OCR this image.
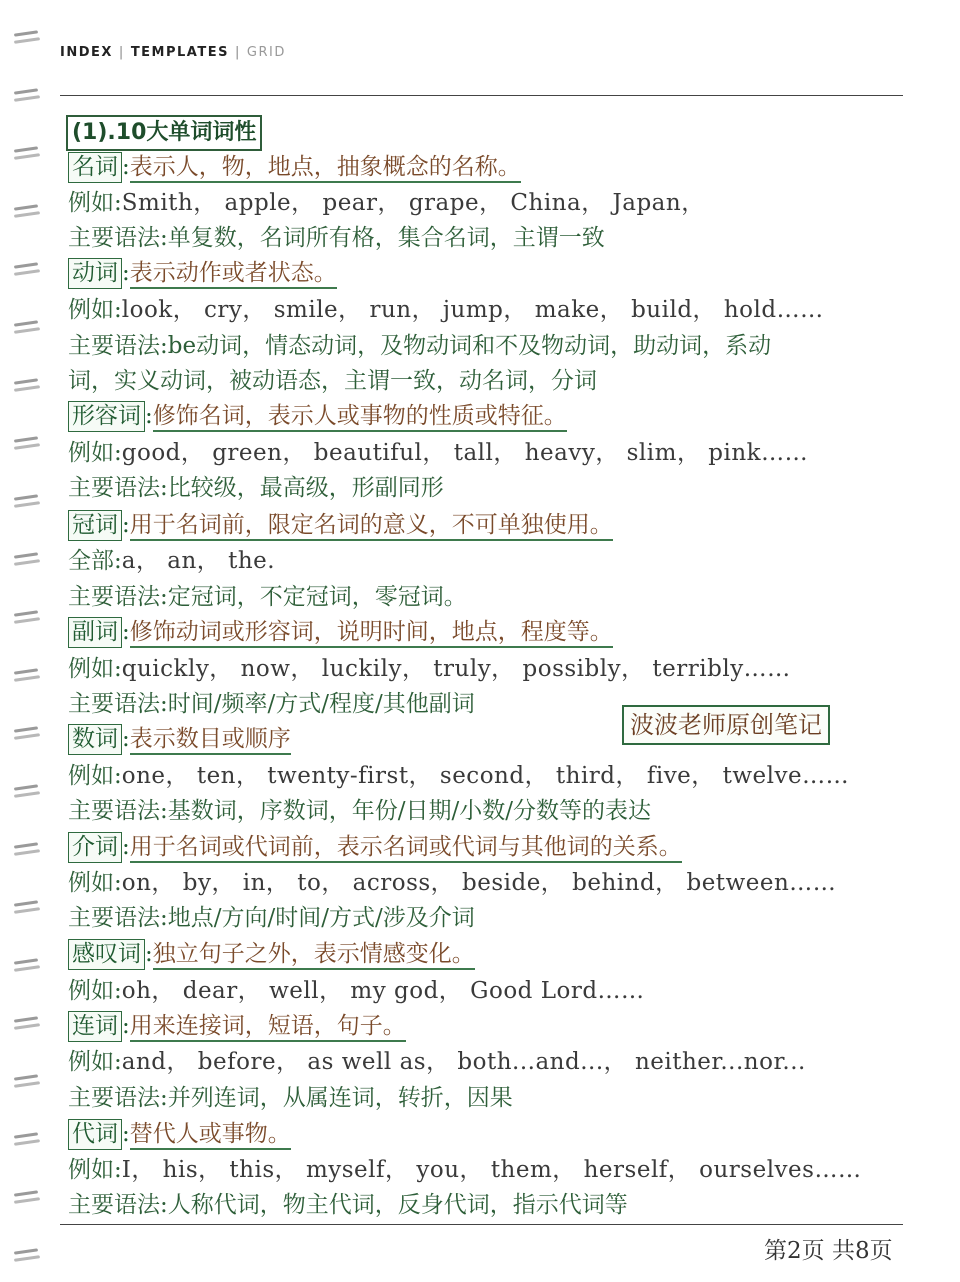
INDEX | TEMPLATES | GRID
(1).10大单词词性
名词 :表示人，物，地点，抽象概念的名称。
例如:Smith， apple， pear， grape， China， Japan，
主要语法:单复数，名词所有格，集合名词，主谓一致
动词 :表示动作或者状态。
例如:look， cry， smile， run， jump， make， build， hold……
主要语法:be动词，情态动词，及物动词和不及物动词，助动词，系动
词，实义动词，被动语态，主谓一致，动名词，分词
形容词 :修饰名词，表示人或事物的性质或特征。
例如:good， green， beautiful， tall， heavy， slim， pink……
主要语法:比较级，最高级，形副同形
冠词 :用于名词前，限定名词的意义，不可单独使用。
全部:a， an， the.
主要语法:定冠词，不定冠词，零冠词。
副词 :修饰动词或形容词，说明时间，地点，程度等。
例如:quickly， now， luckily， truly， possibly， terribly……
主要语法:时间/频率/方式/程度/其他副词
数词 :表示数目或顺序
例如:one， ten， twenty-first， second， third， five， twelve……
主要语法:基数词，序数词，年份/日期/小数/分数等的表达
介词 :用于名词或代词前，表示名词或代词与其他词的关系。
例如:on， by， in， to， across， beside， behind， between……
主要语法:地点/方向/时间/方式/涉及介词
感叹词 :独立句子之外，表示情感变化。
例如:oh， dear， well， my god， Good Lord……
连词 :用来连接词，短语，句子。
例如:and， before， as well as， both...and...， neither...nor...
主要语法:并列连词，从属连词，转折，因果
代词 :替代人或事物。
例如:I， his， this， myself， you， them， herself， ourselves……
主要语法:人称代词，物主代词，反身代词，指示代词等
波波老师原创笔记
第2页 共8页
